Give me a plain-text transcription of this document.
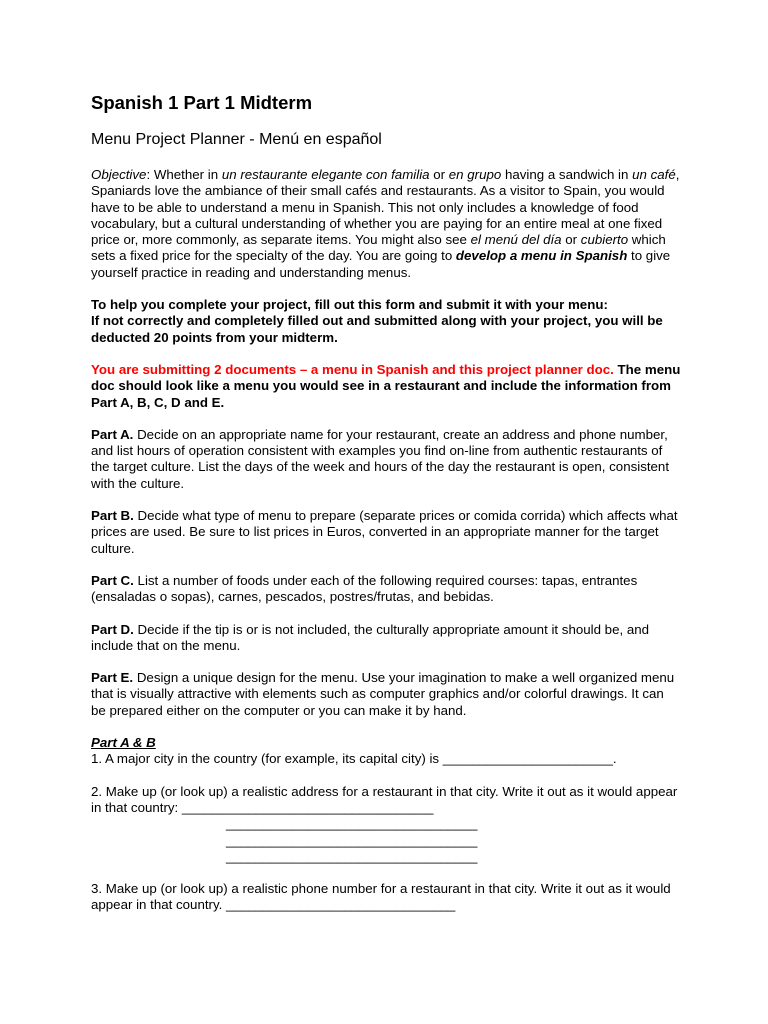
Spanish 1 Part 1 Midterm
Menu Project Planner - Menú en español

Objective: Whether in un restaurante elegante con familia or en grupo having a sandwich in un café, Spaniards love the ambiance of their small cafés and restaurants. As a visitor to Spain, you would have to be able to understand a menu in Spanish. This not only includes a knowledge of food vocabulary, but a cultural understanding of whether you are paying for an entire meal at one fixed price or, more commonly, as separate items. You might also see el menú del día or cubierto which sets a fixed price for the specialty of the day. You are going to develop a menu in Spanish to give yourself practice in reading and understanding menus.

To help you complete your project, fill out this form and submit it with your menu:
If not correctly and completely filled out and submitted along with your project, you will be deducted 20 points from your midterm.

You are submitting 2 documents – a menu in Spanish and this project planner doc. The menu doc should look like a menu you would see in a restaurant and include the information from Part A, B, C, D and E.

Part A. Decide on an appropriate name for your restaurant, create an address and phone number, and list hours of operation consistent with examples you find on-line from authentic restaurants of the target culture. List the days of the week and hours of the day the restaurant is open, consistent with the culture.

Part B. Decide what type of menu to prepare (separate prices or comida corrida) which affects what prices are used. Be sure to list prices in Euros, converted in an appropriate manner for the target culture.

Part C. List a number of foods under each of the following required courses: tapas, entrantes (ensaladas o sopas), carnes, pescados, postres/frutas, and bebidas.

Part D. Decide if the tip is or is not included, the culturally appropriate amount it should be, and include that on the menu.

Part E. Design a unique design for the menu. Use your imagination to make a well organized menu that is visually attractive with elements such as computer graphics and/or colorful drawings. It can be prepared either on the computer or you can make it by hand.

Part A & B

1. A major city in the country (for example, its capital city) is _______________________.

2. Make up (or look up) a realistic address for a restaurant in that city. Write it out as it would appear in that country: __________________________________
__________________________________
__________________________________
__________________________________

3. Make up (or look up) a realistic phone number for a restaurant in that city. Write it out as it would appear in that country. _______________________________
